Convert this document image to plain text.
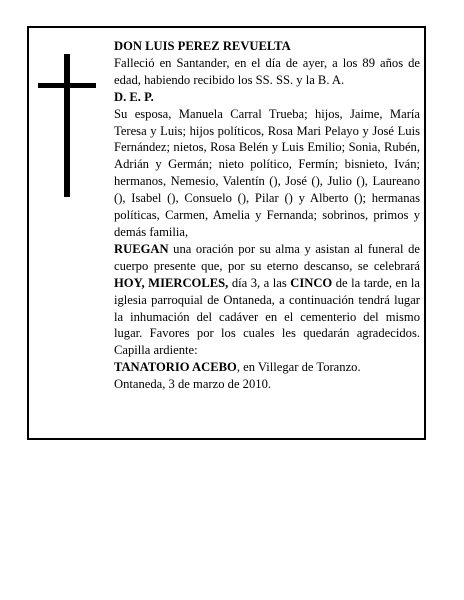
DON LUIS PEREZ REVUELTA

Falleció en Santander, en el día de ayer, a los 89 años de edad, habiendo recibido los SS. SS. y la B. A.

D. E. P.

Su esposa, Manuela Carral Trueba; hijos, Jaime, María Teresa y Luis; hijos políticos, Rosa Mari Pelayo y José Luis Fernández; nietos, Rosa Belén y Luis Emilio; Sonia, Rubén, Adrián y Germán; nieto político, Fermín; bisnieto, Iván; hermanos, Nemesio, Valentín (), José (), Julio (), Laureano (), Isabel (), Consuelo (), Pilar () y Alberto (); hermanas políticas, Carmen, Amelia y Fernanda; sobrinos, primos y demás familia,
RUEGAN una oración por su alma y asistan al funeral de cuerpo presente que, por su eterno descanso, se celebrará HOY, MIERCOLES, día 3, a las CINCO de la tarde, en la iglesia parroquial de Ontaneda, a continuación tendrá lugar la inhumación del cadáver en el cementerio del mismo lugar. Favores por los cuales les quedarán agradecidos. Capilla ardiente:
TANATORIO ACEBO, en Villegar de Toranzo.

Ontaneda, 3 de marzo de 2010.
